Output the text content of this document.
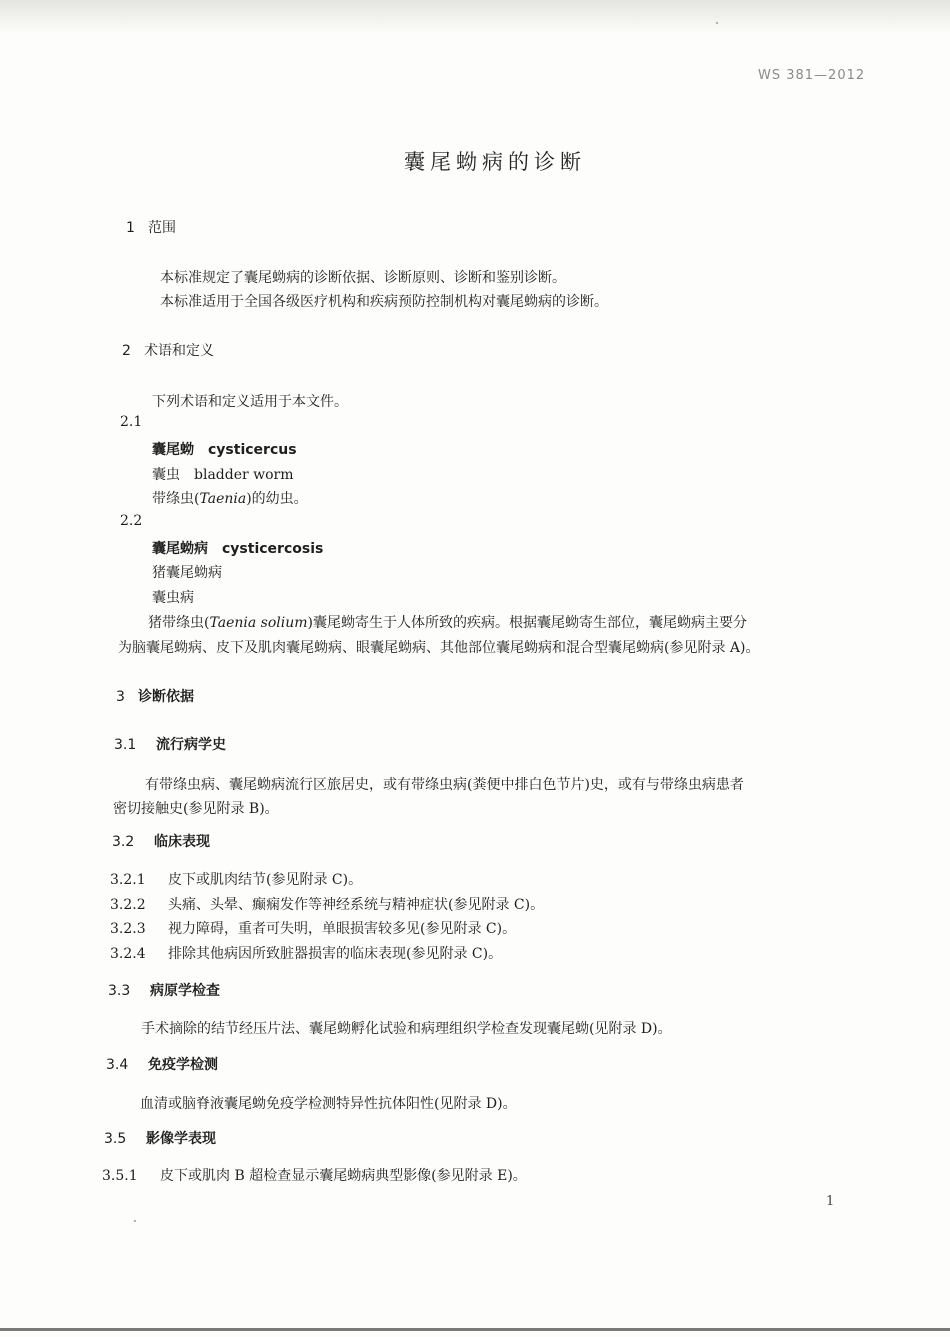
WS 381—2012
囊尾蚴病的诊断
1 范围
本标准规定了囊尾蚴病的诊断依据、诊断原则、诊断和鉴别诊断。
本标准适用于全国各级医疗机构和疾病预防控制机构对囊尾蚴病的诊断。
2 术语和定义
下列术语和定义适用于本文件。
2.1
囊尾蚴 cysticercus
囊虫 bladder worm
带绦虫(Taenia)的幼虫。
2.2
囊尾蚴病 cysticercosis
猪囊尾蚴病
囊虫病
猪带绦虫(Taenia solium)囊尾蚴寄生于人体所致的疾病。根据囊尾蚴寄生部位，囊尾蚴病主要分
为脑囊尾蚴病、皮下及肌肉囊尾蚴病、眼囊尾蚴病、其他部位囊尾蚴病和混合型囊尾蚴病(参见附录 A)。
3 诊断依据
3.1 流行病学史
有带绦虫病、囊尾蚴病流行区旅居史，或有带绦虫病(粪便中排白色节片)史，或有与带绦虫病患者
密切接触史(参见附录 B)。
3.2 临床表现
3.2.1 皮下或肌肉结节(参见附录 C)。
3.2.2 头痛、头晕、癫痫发作等神经系统与精神症状(参见附录 C)。
3.2.3 视力障碍，重者可失明，单眼损害较多见(参见附录 C)。
3.2.4 排除其他病因所致脏器损害的临床表现(参见附录 C)。
3.3 病原学检查
手术摘除的结节经压片法、囊尾蚴孵化试验和病理组织学检查发现囊尾蚴(见附录 D)。
3.4 免疫学检测
血清或脑脊液囊尾蚴免疫学检测特异性抗体阳性(见附录 D)。
3.5 影像学表现
3.5.1 皮下或肌肉 B 超检查显示囊尾蚴病典型影像(参见附录 E)。
1
